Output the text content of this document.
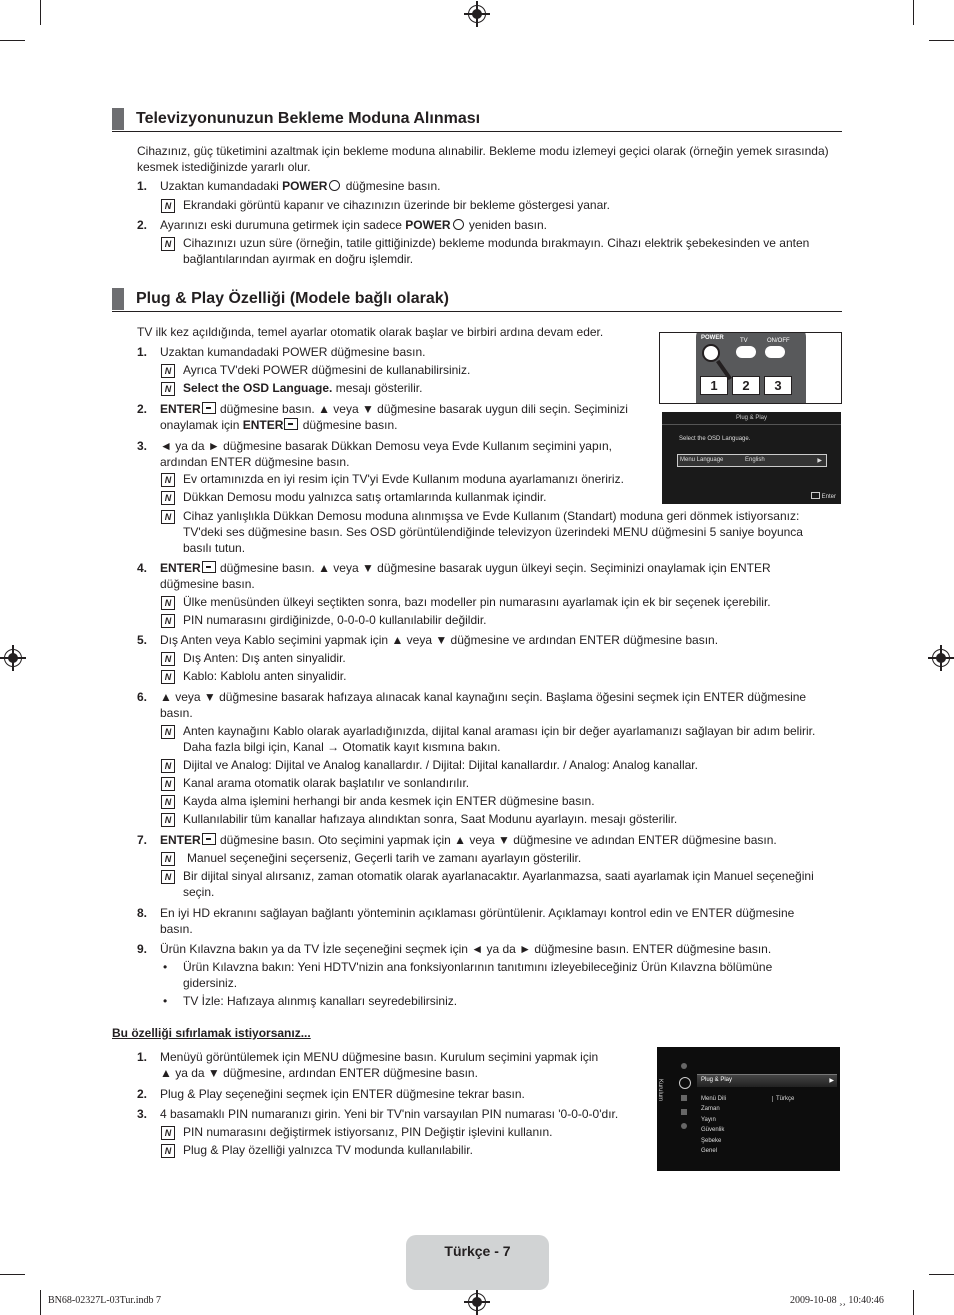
Televizyonunuzun Bekleme Moduna Alınması
Cihazınız, güç tüketimini azaltmak için bekleme moduna alınabilir. Bekleme modu izlemeyi geçici olarak (örneğin yemek sırasında)
kesmek istediğinizde yararlı olur.
1. Uzaktan kumandadaki POWER düğmesine basın.
N Ekrandaki görüntü kapanır ve cihazınızın üzerinde bir bekleme göstergesi yanar.
2. Ayarınızı eski durumuna getirmek için sadece POWER yeniden basın.
N Cihazınızı uzun süre (örneğin, tatile gittiğinizde) bekleme modunda bırakmayın. Cihazı elektrik şebekesinden ve anten
bağlantılarından ayırmak en doğru işlemdir.
Plug & Play Özelliği (Modele bağlı olarak)
TV ilk kez açıldığında, temel ayarlar otomatik olarak başlar ve birbiri ardına devam eder.	POWER	TV	ON/OFF
1	2	3
Plug & Play
Select the OSD Language.
Menu Language	English	▶
Enter
1. Uzaktan kumandadaki POWER düğmesine basın.
N Ayrıca TV'deki POWER düğmesini de kullanabilirsiniz.
N Select the OSD Language. mesajı gösterilir.
2. ENTER düğmesine basın. ▲ veya ▼ düğmesine basarak uygun dili seçin. Seçiminizi
onaylamak için ENTER düğmesine basın.
3. ◄ ya da ► düğmesine basarak Dükkan Demosu veya Evde Kullanım seçimini yapın,
ardından ENTER düğmesine basın.
N Ev ortamınızda en iyi resim için TV'yi Evde Kullanım moduna ayarlamanızı öneririz.
N Dükkan Demosu modu yalnızca satış ortamlarında kullanmak içindir.
N Cihaz yanlışlıkla Dükkan Demosu moduna alınmışsa ve Evde Kullanım (Standart) moduna geri dönmek istiyorsanız:
TV'deki ses düğmesine basın. Ses OSD görüntülendiğinde televizyon üzerindeki MENU düğmesini 5 saniye boyunca
basılı tutun.
4. ENTER düğmesine basın. ▲ veya ▼ düğmesine basarak uygun ülkeyi seçin. Seçiminizi onaylamak için ENTER
düğmesine basın.
N Ülke menüsünden ülkeyi seçtikten sonra, bazı modeller pin numarasını ayarlamak için ek bir seçenek içerebilir.
N PIN numarasını girdiğinizde, 0-0-0-0 kullanılabilir değildir.
5. Dış Anten veya Kablo seçimini yapmak için ▲ veya ▼ düğmesine ve ardından ENTER düğmesine basın.
N Dış Anten: Dış anten sinyalidir.
N Kablo: Kablolu anten sinyalidir.
6. ▲ veya ▼ düğmesine basarak hafızaya alınacak kanal kaynağını seçin. Başlama öğesini seçmek için ENTER düğmesine
basın.
N Anten kaynağını Kablo olarak ayarladığınızda, dijital kanal araması için bir değer ayarlamanızı sağlayan bir adım belirir.
Daha fazla bilgi için, Kanal → Otomatik kayıt kısmına bakın.
N Dijital ve Analog: Dijital ve Analog kanallardır. / Dijital: Dijital kanallardır. / Analog: Analog kanallar.
N Kanal arama otomatik olarak başlatılır ve sonlandırılır.
N Kayda alma işlemini herhangi bir anda kesmek için ENTER düğmesine basın.
N Kullanılabilir tüm kanallar hafızaya alındıktan sonra, Saat Modunu ayarlayın. mesajı gösterilir.
7. ENTER düğmesine basın. Oto seçimini yapmak için ▲ veya ▼ düğmesine ve adından ENTER düğmesine basın.
N	Manuel seçeneğini seçerseniz, Geçerli tarih ve zamanı ayarlayın gösterilir.
N Bir dijital sinyal alırsanız, zaman otomatik olarak ayarlanacaktır. Ayarlanmazsa, saati ayarlamak için Manuel seçeneğini
seçin.
8. En iyi HD ekranını sağlayan bağlantı yönteminin açıklaması görüntülenir. Açıklamayı kontrol edin ve ENTER düğmesine
basın.
9. Ürün Kılavzna bakın ya da TV İzle seçeneğini seçmek için ◄ ya da ► düğmesine basın. ENTER düğmesine basın.
• Ürün Kılavzna bakın: Yeni HDTV'nizin ana fonksiyonlarının tanıtımını izleyebileceğiniz Ürün Kılavzna bölümüne
gidersiniz.
• TV İzle: Hafızaya alınmış kanalları seyredebilirsiniz.
Bu özelliği sıfırlamak istiyorsanız...
1. Menüyü görüntülemek için MENU düğmesine basın. Kurulum seçimini yapmak için
▲ ya da ▼ düğmesine, ardından ENTER düğmesine basın.
2. Plug & Play seçeneğini seçmek için ENTER düğmesine tekrar basın.
3. 4 basamaklı PIN numaranızı girin. Yeni bir TV'nin varsayılan PIN numarası '0-0-0-0'dır.
N PIN numarasını değiştirmek istiyorsanız, PIN Değiştir işlevini kullanın.
N Plug & Play özelliği yalnızca TV modunda kullanılabilir.
Kurulum	Plug & Play	▶
Menü Dili	Türkçe
Zaman
Yayın
Güvenlik
Şebeke
Genel
Türkçe - 7
BN68-02327L-03Tur.indb 7	2009-10-08 ¸¸ 10:40:46
